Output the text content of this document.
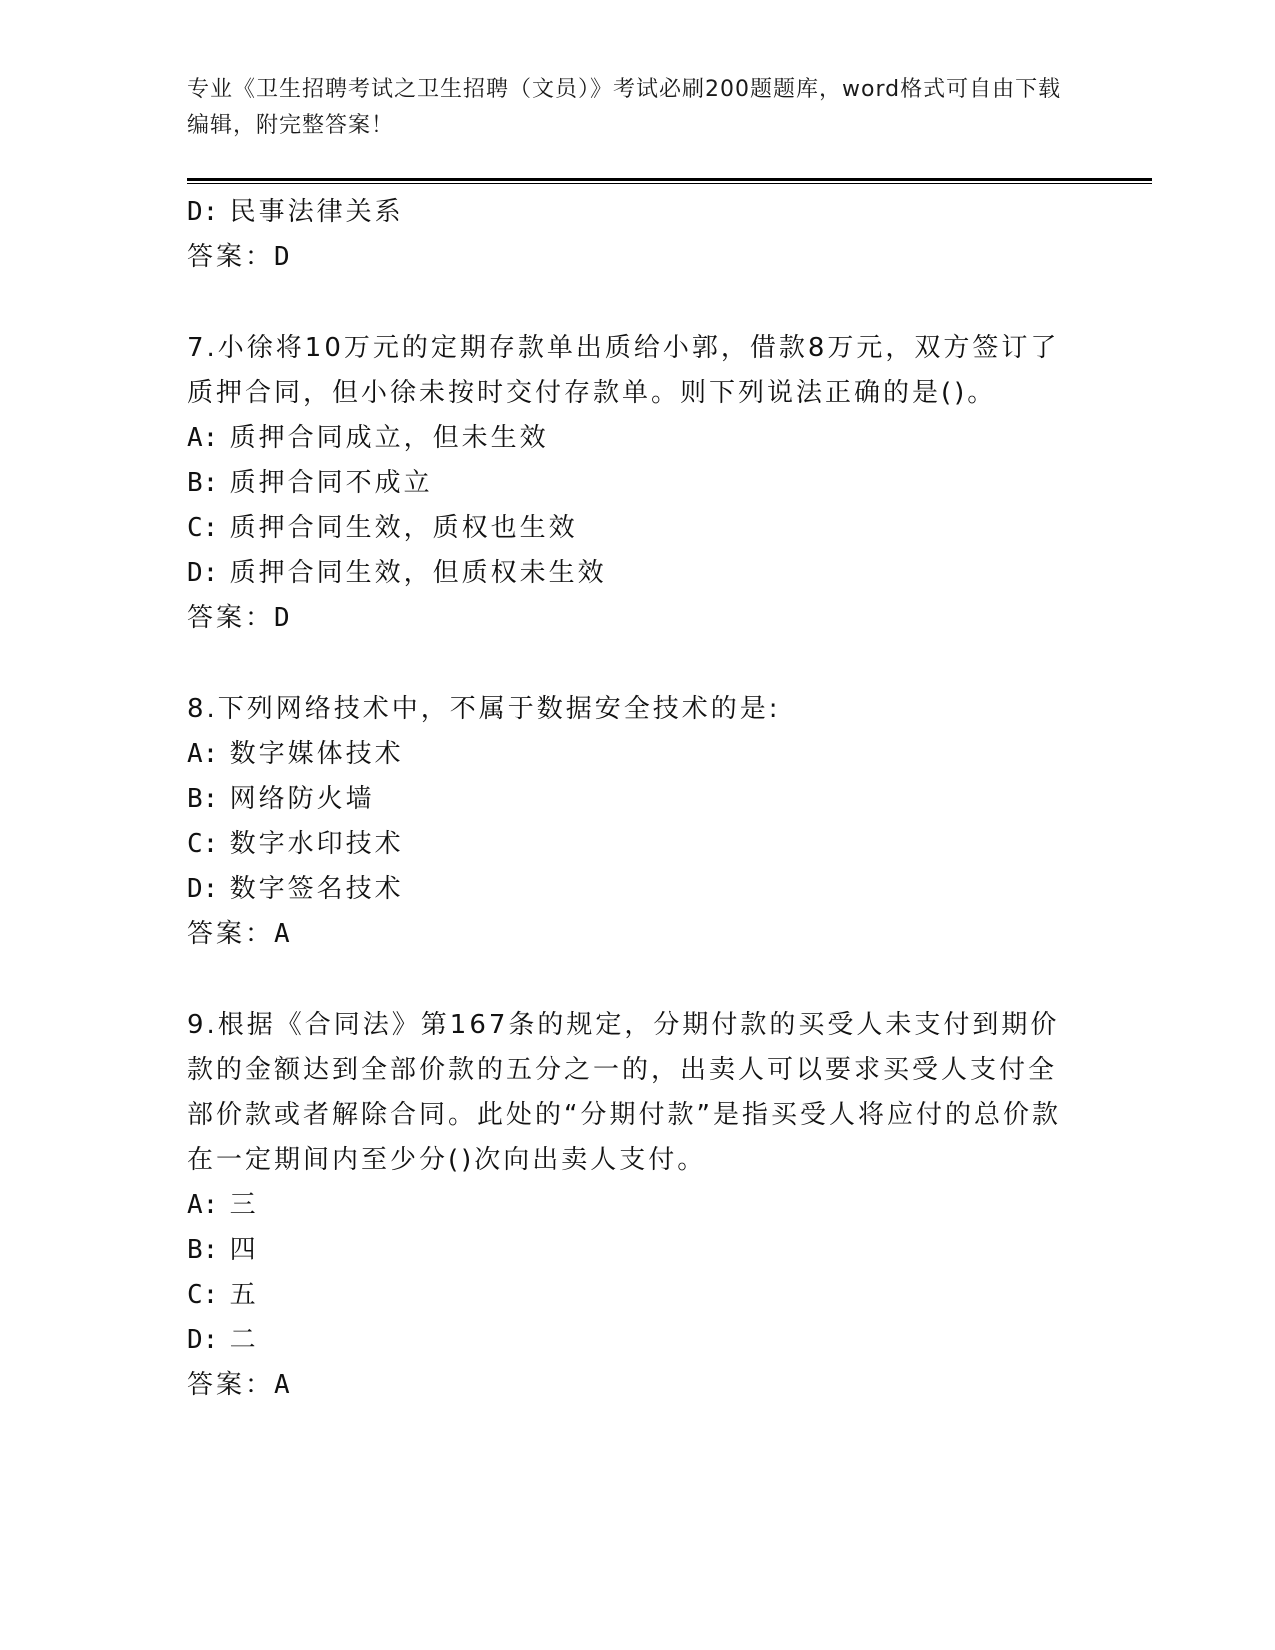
专业《卫生招聘考试之卫生招聘（文员）》考试必刷200题题库，word格式可自由下载编辑，附完整答案！
D: 民事法律关系
答案：D
7.小徐将10万元的定期存款单出质给小郭，借款8万元，双方签订了质押合同，但小徐未按时交付存款单。则下列说法正确的是()。
A: 质押合同成立，但未生效
B: 质押合同不成立
C: 质押合同生效，质权也生效
D: 质押合同生效，但质权未生效
答案：D
8.下列网络技术中，不属于数据安全技术的是:
A: 数字媒体技术
B: 网络防火墙
C: 数字水印技术
D: 数字签名技术
答案：A
9.根据《合同法》第167条的规定，分期付款的买受人未支付到期价款的金额达到全部价款的五分之一的，出卖人可以要求买受人支付全部价款或者解除合同。此处的“分期付款”是指买受人将应付的总价款在一定期间内至少分()次向出卖人支付。
A: 三
B: 四
C: 五
D: 二
答案：A
